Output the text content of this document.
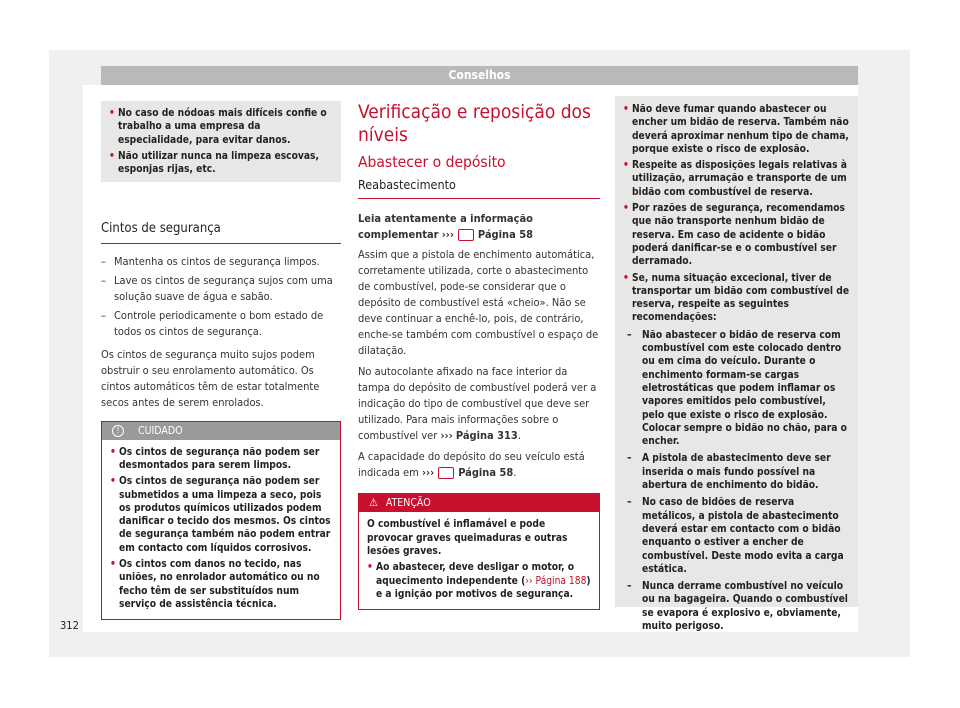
Conselhos
312
• No caso de nódoas mais difíceis confie o trabalho a uma empresa da especialidade, para evitar danos.
• Não utilizar nunca na limpeza escovas, esponjas rijas, etc.
Cintos de segurança
– Mantenha os cintos de segurança limpos.
– Lave os cintos de segurança sujos com uma solução suave de água e sabão.
– Controle periodicamente o bom estado de todos os cintos de segurança.
Os cintos de segurança muito sujos podem obstruir o seu enrolamento automático. Os cintos automáticos têm de estar totalmente secos antes de serem enrolados.
! CUIDADO
• Os cintos de segurança não podem ser desmontados para serem limpos.
• Os cintos de segurança não podem ser submetidos a uma limpeza a seco, pois os produtos químicos utilizados podem danificar o tecido dos mesmos. Os cintos de segurança também não podem entrar em contacto com líquidos corrosivos.
• Os cintos com danos no tecido, nas uniões, no enrolador automático ou no fecho têm de ser substituídos num serviço de assistência técnica.
Verificação e reposição dos níveis
Abastecer o depósito
Reabastecimento
Leia atentamente a informação complementar ››› Página 58
Assim que a pistola de enchimento automática, corretamente utilizada, corte o abastecimento de combustível, pode-se considerar que o depósito de combustível está «cheio». Não se deve continuar a enchê-lo, pois, de contrário, enche-se também com combustível o espaço de dilatação.
No autocolante afixado na face interior da tampa do depósito de combustível poderá ver a indicação do tipo de combustível que deve ser utilizado. Para mais informações sobre o combustível ver ››› Página 313.
A capacidade do depósito do seu veículo está indicada em ››› Página 58.
⚠ ATENÇÃO
O combustível é inflamável e pode provocar graves queimaduras e outras lesões graves.
• Ao abastecer, deve desligar o motor, o aquecimento independente (›› Página 188) e a ignição por motivos de segurança.
• Não deve fumar quando abastecer ou encher um bidão de reserva. Também não deverá aproximar nenhum tipo de chama, porque existe o risco de explosão.
• Respeite as disposições legais relativas à utilização, arrumação e transporte de um bidão com combustível de reserva.
• Por razões de segurança, recomendamos que não transporte nenhum bidão de reserva. Em caso de acidente o bidão poderá danificar-se e o combustível ser derramado.
• Se, numa situação excecional, tiver de transportar um bidão com combustível de reserva, respeite as seguintes recomendações:
– Não abastecer o bidão de reserva com combustível com este colocado dentro ou em cima do veículo. Durante o enchimento formam-se cargas eletrostáticas que podem inflamar os vapores emitidos pelo combustível, pelo que existe o risco de explosão. Colocar sempre o bidão no chão, para o encher.
– A pistola de abastecimento deve ser inserida o mais fundo possível na abertura de enchimento do bidão.
– No caso de bidões de reserva metálicos, a pistola de abastecimento deverá estar em contacto com o bidão enquanto o estiver a encher de combustível. Deste modo evita a carga estática.
– Nunca derrame combustível no veículo ou na bagageira. Quando o combustível se evapora é explosivo e, obviamente, muito perigoso.
